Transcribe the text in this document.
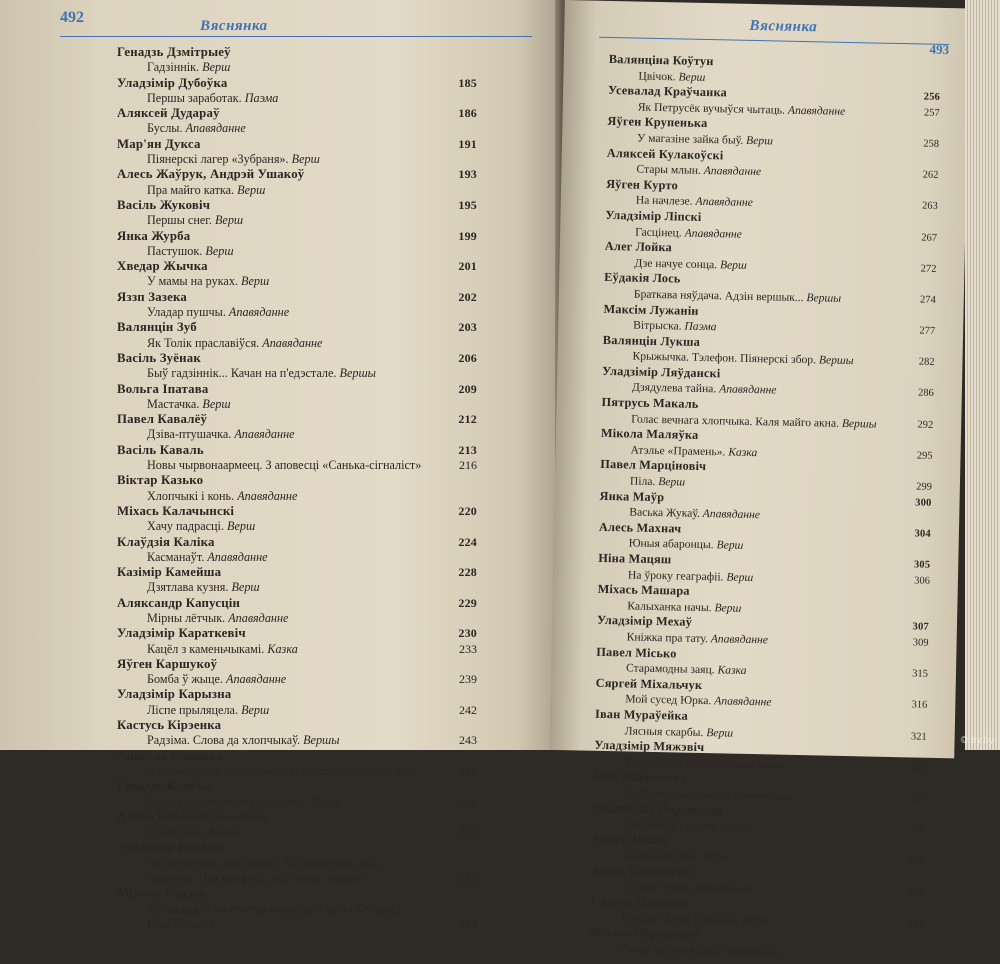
492	Вяснянка
Генадзь Дзмітрыеў
Гадзіннік. Верш
Уладзімір Дубоўка	185
Першы заработак. Паэма
Аляксей Дудараў	186
Буслы. Апавяданне
Мар'ян Дукса	191
Піянерскі лагер «Зубраня». Верш
Алесь Жаўрук, Андрэй Ушакоў	193
Пра майго катка. Верш
Васіль Жуковіч	195
Першы снег. Верш
Янка Журба	199
Пастушок. Верш
Хведар Жычка	201
У мамы на руках. Верш
Яззп Зазека	202
Уладар пушчы. Апавяданне
Валянцін Зуб	203
Як Толік праславіўся. Апавяданне
Васіль Зуёнак	206
Быў гадзіннік... Качан на п'едэстале. Вершы
Вольга Іпатава	209
Мастачка. Верш
Павел Кавалёў	212
Дзіва-птушачка. Апавяданне
Васіль Каваль	213
Новы чырвонаармеец. З аповесці «Санька-сігналіст»	216
Віктар Казько
Хлопчыкі і конь. Апавяданне
Міхась Калачынскі	220
Хачу падрасці. Верш
Клаўдзія Каліка	224
Касманаўт. Апавяданне
Казімір Камейша	228
Дзятлава кузня. Верш
Аляксандр Капусцін	229
Мірны лётчык. Апавяданне
Уладзімір Караткевіч	230
Кацёл з каменьчыкамі. Казка	233
Яўген Каршукоў
Бомба ў жыце. Апавяданне	239
Уладзімір Карызна
Ліспе прыляцела. Верш	242
Кастусь Кірэенка
Радзіма. Слова да хлопчыкаў. Вершы	243
Анатоль Клышка
Адкажы, чаму загадкі маюць гэткія адгадкі. Загадкі	246
Генадзь Кляўко
Балада пра чырвоны гальштук. Верш	248
Алена Кобец-Філімонава
Кропелька. Казка	251
Уладзімір Корбан
Аб прафесіях, якія зніклі. Аб прафесіях, якія
зніпкуць. Пра прафесіі, якіх няма. Вершы	252
Мікола Корзун
Яблынька. З маленства народнага паэта Беларусі
Янкі Купалы	254
Вяснянка
493
Валянціна Коўтун
Цвічок. Верш
Усевалад Краўчанка	256
Як Петрусёк вучыўся чытаць. Апавяданне	257
Яўген Крупенька
У магазіне зайка быў. Верш	258
Аляксей Кулакоўскі
Стары млын. Апавяданне	262
Яўген Курто
На начлезе. Апавяданне	263
Уладзімір Ліпскі
Гасцінец. Апавяданне	267
Алег Лойка
Дзе начуе сонца. Верш	272
Еўдакія Лось
Браткава няўдача. Адзін вершык... Вершы	274
Максім Лужанін
Вітрыска. Паэма	277
Валянцін Лукша
Крыжычка. Тэлефон. Піянерскі збор. Вершы	282
Уладзімір Ляўданскі
Дзядулева тайна. Апавяданне	286
Пятрусь Макаль
Голас вечнага хлопчыка. Каля майго акна. Вершы	292
Мікола Маляўка
Атэлье «Прамень». Казка	295
Павел Марціновіч
Піла. Верш	299
Янка Маўр	300
Васька Жукаў. Апавяданне
Алесь Махнач	304
Юныя абаронцы. Верш
Ніна Мацяш	305
На ўроку геаграфіі. Верш	306
Міхась Машара
Калыханка начы. Верш
Уладзімір Мехаў	307
Кніжка пра тату. Апавяданне	309
Павел Місько
Старамодны заяц. Казка	315
Сяргей Міхальчук
Мой сусед Юрка. Апавяданне	316
Іван Мураўейка
Лясныя скарбы. Верш	321
Уладзімір Мяжэвіч
Тэлеграфіст Леніна. Апавяданне	325
Іван Навуменка
Сустрэча з маршалам. Апавяданне	328
Уладзіслаў Нядзведскі
Сто братоў і сястёр. Верш	329
Рыгор Нехай
Касачы-вусачы. Верш	330
Алесь Пальчэўскі
Добрае слова. Апавяданне	332
Сяргей Панізнік
Вожык і Белы Гарошак. Верш	333
Міхась Парахневіч
Самая высокая гара. Апавяданне
© ay.by
